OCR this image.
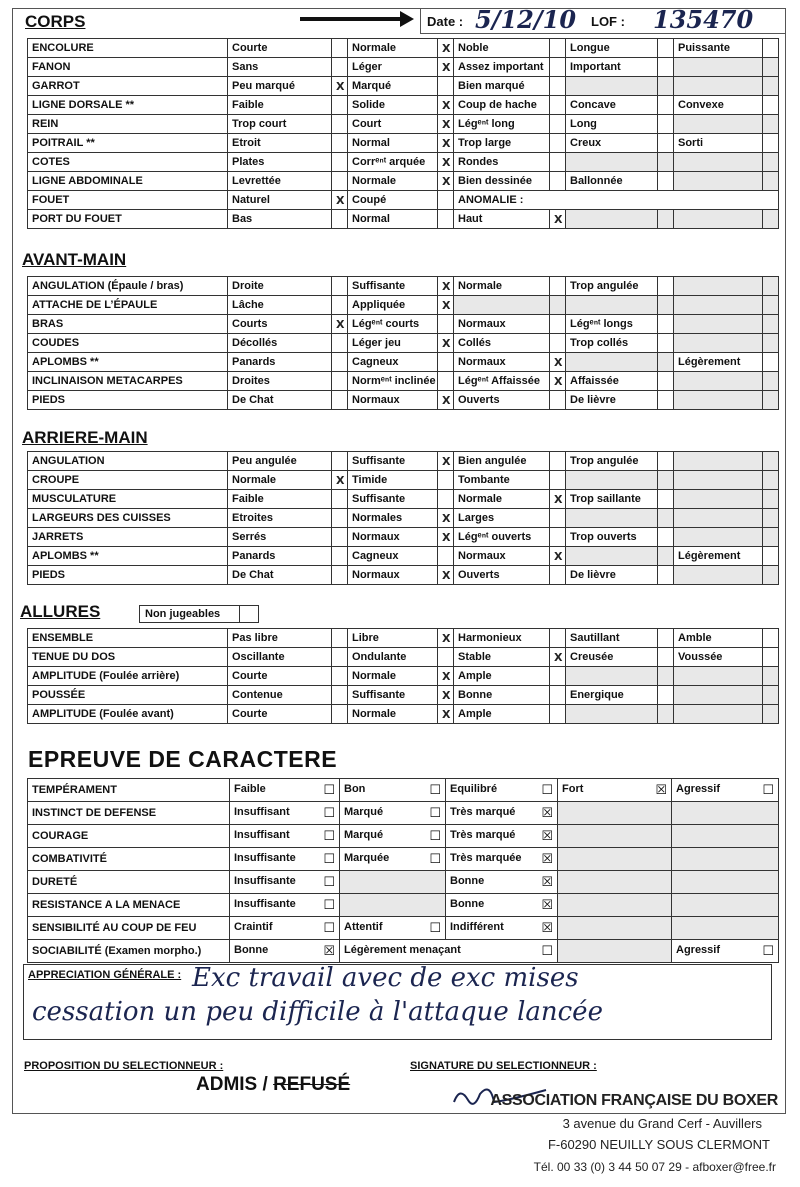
CORPS	Date : 5/12/10 LOF : 135470
ENCOLURE	Courte		Normale	X	Noble		Longue		Puissante	
FANON	Sans		Léger	X	Assez important		Important			
GARROT	Peu marqué	X	Marqué		Bien marqué					
LIGNE DORSALE **	Faible		Solide	X	Coup de hache		Concave		Convexe	
REIN	Trop court		Court	X	Légᵉⁿᵗ long		Long			
POITRAIL **	Etroit		Normal	X	Trop large		Creux		Sorti	
COTES	Plates		Corrᵉⁿᵗ arquée	X	Rondes					
LIGNE ABDOMINALE	Levrettée		Normale	X	Bien dessinée		Ballonnée			
FOUET	Naturel	X	Coupé		ANOMALIE :					
PORT DU FOUET	Bas		Normal		Haut	X				
AVANT-MAIN
ANGULATION (Épaule / bras)	Droite		Suffisante	X	Normale		Trop angulée			
ATTACHE DE L’ÉPAULE	Lâche		Appliquée	X						
BRAS	Courts	X	Légᵉⁿᵗ courts		Normaux		Légᵉⁿᵗ longs			
COUDES	Décollés		Léger jeu	X	Collés		Trop collés			
APLOMBS **	Panards		Cagneux		Normaux	X			Légèrement	
INCLINAISON METACARPES	Droites		Normᵉⁿᵗ inclinée		Légᵉⁿᵗ Affaissée	X	Affaissée			
PIEDS	De Chat		Normaux	X	Ouverts		De lièvre			
ARRIERE-MAIN
ANGULATION	Peu angulée		Suffisante	X	Bien angulée		Trop angulée			
CROUPE	Normale	X	Timide		Tombante					
MUSCULATURE	Faible		Suffisante		Normale	X	Trop saillante			
LARGEURS DES CUISSES	Etroites		Normales	X	Larges					
JARRETS	Serrés		Normaux	X	Légᵉⁿᵗ ouverts		Trop ouverts			
APLOMBS **	Panards		Cagneux		Normaux	X			Légèrement	
PIEDS	De Chat		Normaux	X	Ouverts		De lièvre			
ALLURES	Non jugeables
ENSEMBLE	Pas libre		Libre	X	Harmonieux		Sautillant		Amble	
TENUE DU DOS	Oscillante		Ondulante		Stable	X	Creusée		Voussée	
AMPLITUDE (Foulée arrière)	Courte		Normale	X	Ample					
POUSSÉE	Contenue		Suffisante	X	Bonne		Energique			
AMPLITUDE (Foulée avant)	Courte		Normale	X	Ample					
EPREUVE DE CARACTERE
TEMPÉRAMENT	Faible ☐	Bon ☐	Equilibré ☐	Fort ☒	Agressif ☐

INSTINCT DE DEFENSE	Insuffisant ☐	Marqué ☐	Très marqué ☒		

COURAGE	Insuffisant ☐	Marqué ☐	Très marqué ☒		

COMBATIVITÉ	Insuffisante ☐	Marquée ☐	Très marquée ☒		

DURETÉ	Insuffisante ☐		Bonne ☒		

RESISTANCE A LA MENACE	Insuffisante ☐		Bonne ☒		

SENSIBILITÉ AU COUP DE FEU	Craintif ☐	Attentif ☐	Indifférent ☒		

SOCIABILITÉ (Examen morpho.)	Bonne ☒	Légèrement menaçant ☐			Agressif ☐
APPRECIATION GÉNÉRALE : Exc travail avec de exc mises
cessation un peu difficile à l'attaque lancée
PROPOSITION DU SELECTIONNEUR :	SIGNATURE DU SELECTIONNEUR :
ADMIS / REFUSÉ
ASSOCIATION FRANÇAISE DU BOXER
3 avenue du Grand Cerf - Auvillers
F-60290 NEUILLY SOUS CLERMONT
Tél. 00 33 (0) 3 44 50 07 29 - afboxer@free.fr
